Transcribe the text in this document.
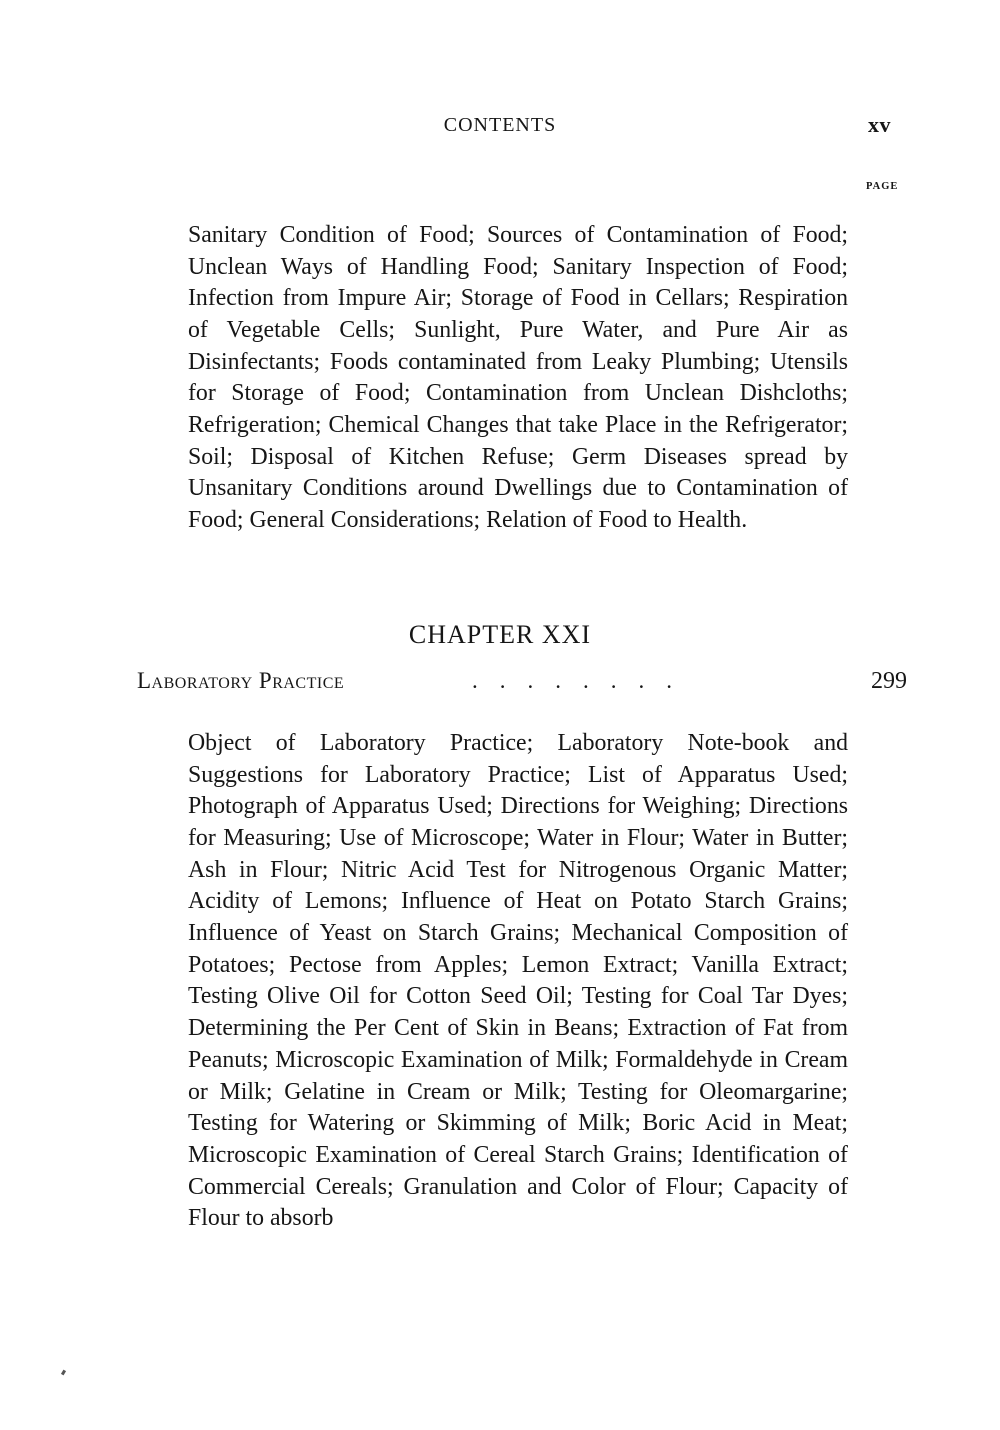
CONTENTS	xv
PAGE

Sanitary Condition of Food; Sources of Contamination of Food; Unclean Ways of Handling Food; Sanitary Inspection of Food; Infection from Impure Air; Storage of Food in Cellars; Respiration of Vegetable Cells; Sunlight, Pure Water, and Pure Air as Disinfectants; Foods contaminated from Leaky Plumbing; Utensils for Storage of Food; Contamination from Unclean Dishcloths; Refrigeration; Chemical Changes that take Place in the Refrigerator; Soil; Disposal of Kitchen Refuse; Germ Diseases spread by Unsanitary Conditions around Dwellings due to Contamination of Food; General Considerations; Relation of Food to Health.

CHAPTER XXI
Laboratory Practice	........	299

Object of Laboratory Practice; Laboratory Note-book and Suggestions for Laboratory Practice; List of Apparatus Used; Photograph of Apparatus Used; Directions for Weighing; Directions for Measuring; Use of Microscope; Water in Flour; Water in Butter; Ash in Flour; Nitric Acid Test for Nitrogenous Organic Matter; Acidity of Lemons; Influence of Heat on Potato Starch Grains; Influence of Yeast on Starch Grains; Mechanical Composition of Potatoes; Pectose from Apples; Lemon Extract; Vanilla Extract; Testing Olive Oil for Cotton Seed Oil; Testing for Coal Tar Dyes; Determining the Per Cent of Skin in Beans; Extraction of Fat from Peanuts; Microscopic Examination of Milk; Formaldehyde in Cream or Milk; Gelatine in Cream or Milk; Testing for Oleomargarine; Testing for Watering or Skimming of Milk; Boric Acid in Meat; Microscopic Examination of Cereal Starch Grains; Identification of Commercial Cereals; Granulation and Color of Flour; Capacity of Flour to absorb
